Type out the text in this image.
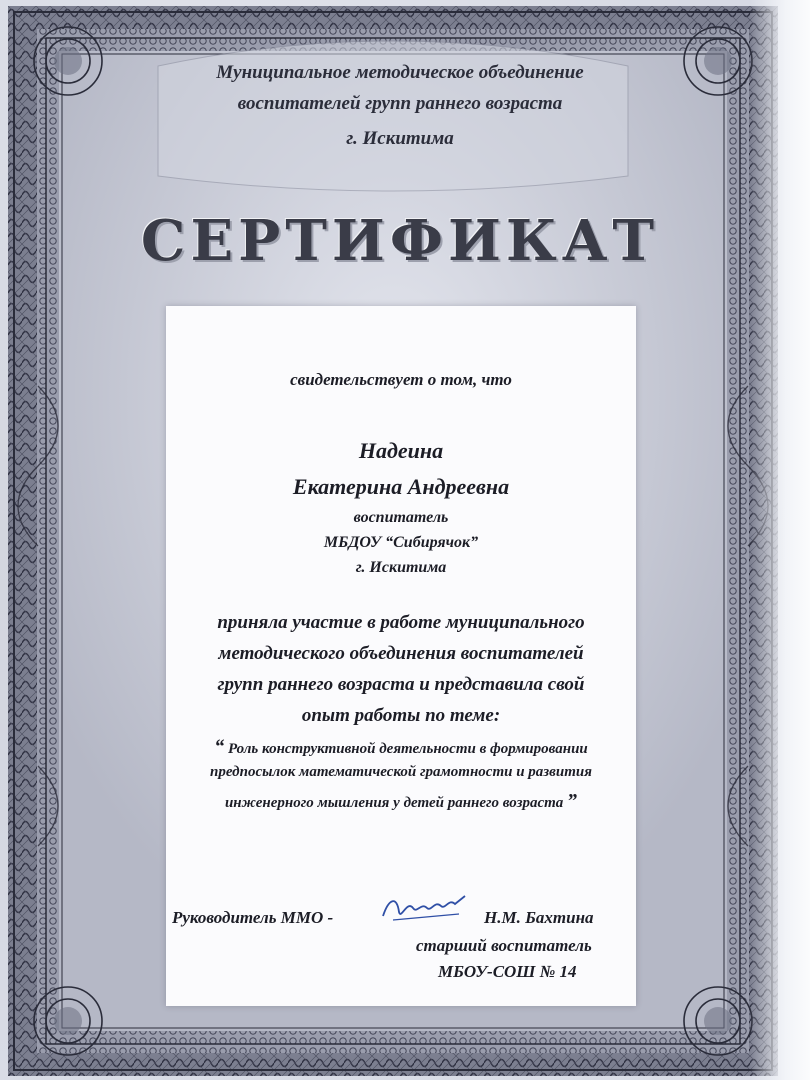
Муниципальное методическое объединение
воспитателей групп раннего возраста
г. Искитима
СЕРТИФИКАТ
свидетельствует о том, что
Надеина
Екатерина Андреевна
воспитатель
МБДОУ “Сибирячок”
г. Искитима
приняла участие в работе муниципального
методического объединения воспитателей
групп раннего возраста и представила свой
опыт работы по теме:
“ Роль конструктивной деятельности в формировании
предпосылок математической грамотности и развития
инженерного мышления у детей раннего возраста ”
Руководитель ММО -	Н.М. Бахтина
старший воспитатель
МБОУ-СОШ № 14
